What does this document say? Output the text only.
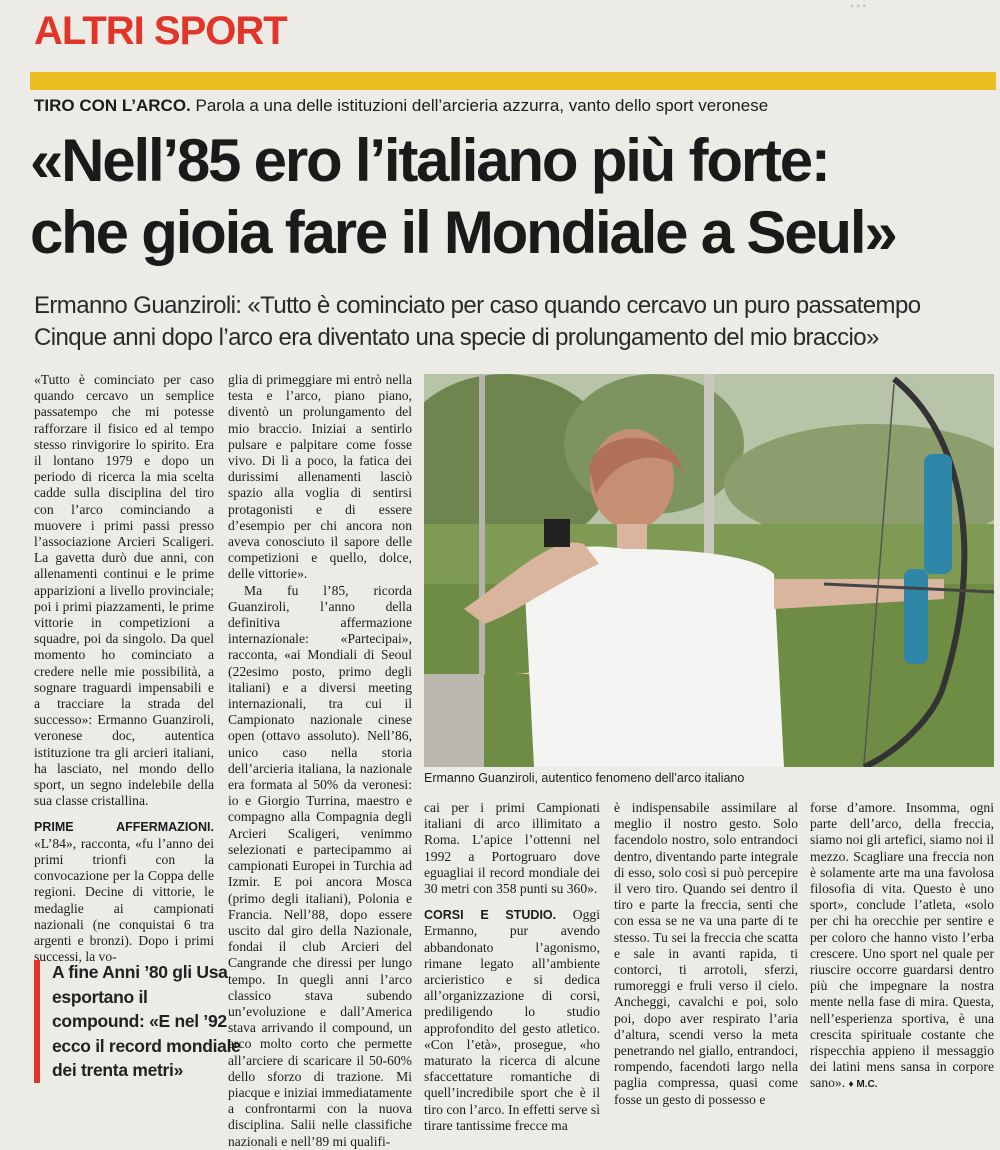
▪ ▪ ▪
ALTRI SPORT
TIRO CON L’ARCO. Parola a una delle istituzioni dell’arcieria azzurra, vanto dello sport veronese
«Nell’85 ero l’italiano più forte:
che gioia fare il Mondiale a Seul»
Ermanno Guanziroli: «Tutto è cominciato per caso quando cercavo un puro passatempo
Cinque anni dopo l’arco era diventato una specie di prolungamento del mio braccio»

«Tutto è cominciato per caso quando cercavo un semplice passatempo che mi potesse rafforzare il fisico ed al tempo stesso rinvigorire lo spirito. Era il lontano 1979 e dopo un periodo di ricerca la mia scelta cadde sulla disciplina del tiro con l’arco cominciando a muovere i primi passi presso l’associazione Arcieri Scaligeri. La gavetta durò due anni, con allenamenti continui e le prime apparizioni a livello provinciale; poi i primi piazzamenti, le prime vittorie in competizioni a squadre, poi da singolo. Da quel momento ho cominciato a credere nelle mie possibilità, a sognare traguardi impensabili e a tracciare la strada del successo»: Ermanno Guanziroli, veronese doc, autentica istituzione tra gli arcieri italiani, ha lasciato, nel mondo dello sport, un segno indelebile della sua classe cristallina.

PRIME AFFERMAZIONI. «L’84», racconta, «fu l’anno dei primi trionfi con la convocazione per la Coppa delle regioni. Decine di vittorie, le medaglie ai campionati nazionali (ne conquistai 6 tra argenti e bronzi). Dopo i primi successi, la vo-

A fine Anni ’80 gli Usa esportano il compound: «E nel ’92 ecco il record mondiale dei trenta metri»

glia di primeggiare mi entrò nella testa e l’arco, piano piano, diventò un prolungamento del mio braccio. Iniziai a sentirlo pulsare e palpitare come fosse vivo. Di lì a poco, la fatica dei durissimi allenamenti lasciò spazio alla voglia di sentirsi protagonisti e di essere d’esempio per chi ancora non aveva conosciuto il sapore delle competizioni e quello, dolce, delle vittorie».

Ma fu l’85, ricorda Guanziroli, l’anno della definitiva affermazione internazionale: «Partecipai», racconta, «ai Mondiali di Seoul (22esimo posto, primo degli italiani) e a diversi meeting internazionali, tra cui il Campionato nazionale cinese open (ottavo assoluto). Nell’86, unico caso nella storia dell’arcieria italiana, la nazionale era formata al 50% da veronesi: io e Giorgio Turrina, maestro e compagno alla Compagnia degli Arcieri Scaligeri, venimmo selezionati e partecipammo ai campionati Europei in Turchia ad Izmir. E poi ancora Mosca (primo degli italiani), Polonia e Francia. Nell’88, dopo essere uscito dal giro della Nazionale, fondai il club Arcieri del Cangrande che diressi per lungo tempo. In quegli anni l’arco classico stava subendo un’evoluzione e dall’America stava arrivando il compound, un arco molto corto che permette all’arciere di scaricare il 50-60% dello sforzo di trazione. Mi piacque e iniziai immediatamente a confrontarmi con la nuova disciplina. Salii nelle classifiche nazionali e nell’89 mi qualifi-

Ermanno Guanziroli, autentico fenomeno dell’arco italiano

cai per i primi Campionati italiani di arco illimitato a Roma. L’apice l’ottenni nel 1992 a Portogruaro dove eguagliai il record mondiale dei 30 metri con 358 punti su 360».

CORSI E STUDIO. Oggi Ermanno, pur avendo abbandonato l’agonismo, rimane legato all’ambiente arcieristico e si dedica all’organizzazione di corsi, prediligendo lo studio approfondito del gesto atletico. «Con l’età», prosegue, «ho maturato la ricerca di alcune sfaccettature romantiche di quell’incredibile sport che è il tiro con l’arco. In effetti serve sì tirare tantissime frecce ma

è indispensabile assimilare al meglio il nostro gesto. Solo facendolo nostro, solo entrandoci dentro, diventando parte integrale di esso, solo così si può percepire il vero tiro. Quando sei dentro il tiro e parte la freccia, senti che con essa se ne va una parte di te stesso. Tu sei la freccia che scatta e sale in avanti rapida, ti contorci, ti arrotoli, sferzi, rumoreggi e fruli verso il cielo. Ancheggi, cavalchi e poi, solo poi, dopo aver respirato l’aria d’altura, scendi verso la meta penetrando nel giallo, entrandoci, rompendo, facendoti largo nella paglia compressa, quasi come fosse un gesto di possesso e

forse d’amore. Insomma, ogni parte dell’arco, della freccia, siamo noi gli artefici, siamo noi il mezzo. Scagliare una freccia non è solamente arte ma una favolosa filosofia di vita. Questo è uno sport», conclude l’atleta, «solo per chi ha orecchie per sentire e per coloro che hanno visto l’erba crescere. Uno sport nel quale per riuscire occorre guardarsi dentro più che impegnare la nostra mente nella fase di mira. Questa, nell’esperienza sportiva, è una crescita spirituale costante che rispecchia appieno il messaggio dei latini mens sansa in corpore sano». ♦ M.C.
